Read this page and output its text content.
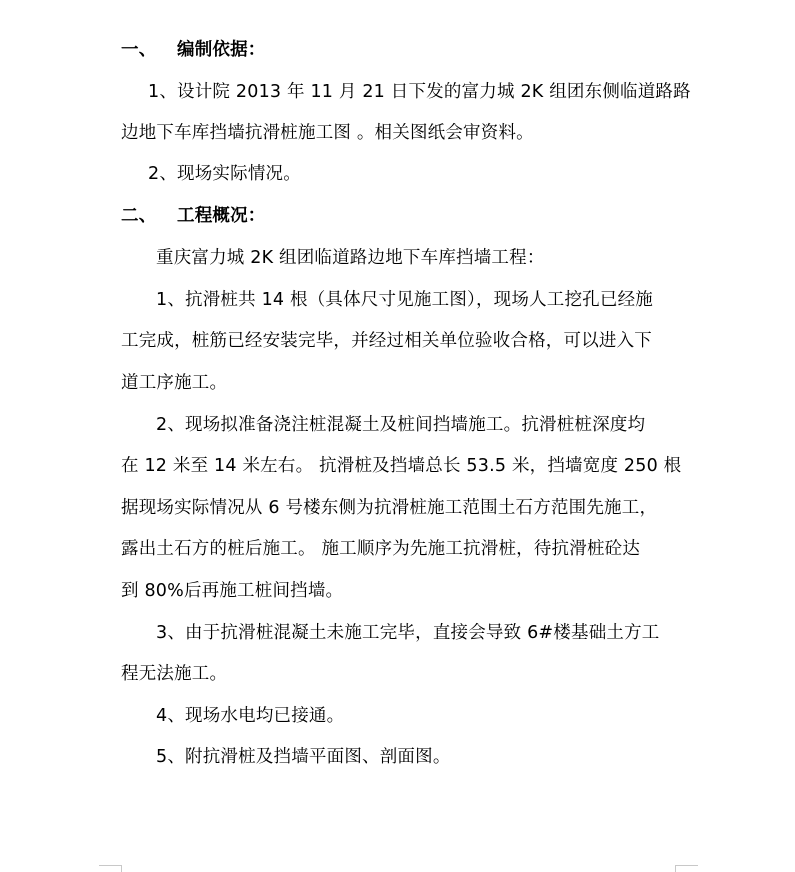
一、 编制依据：
1、设计院 2013 年 11 月 21 日下发的富力城 2K 组团东侧临道路路
边地下车库挡墙抗滑桩施工图 。相关图纸会审资料。
2、现场实际情况。
二、 工程概况：
重庆富力城 2K 组团临道路边地下车库挡墙工程：
1、抗滑桩共 14 根（具体尺寸见施工图），现场人工挖孔已经施
工完成，桩筋已经安装完毕，并经过相关单位验收合格，可以进入下
道工序施工。
2、现场拟准备浇注桩混凝土及桩间挡墙施工。抗滑桩桩深度均
在 12 米至 14 米左右。 抗滑桩及挡墙总长 53.5 米，挡墙宽度 250 根
据现场实际情况从 6 号楼东侧为抗滑桩施工范围土石方范围先施工，
露出土石方的桩后施工。 施工顺序为先施工抗滑桩，待抗滑桩砼达
到 80%后再施工桩间挡墙。
3、由于抗滑桩混凝土未施工完毕，直接会导致 6#楼基础土方工
程无法施工。
4、现场水电均已接通。
5、附抗滑桩及挡墙平面图、剖面图。
